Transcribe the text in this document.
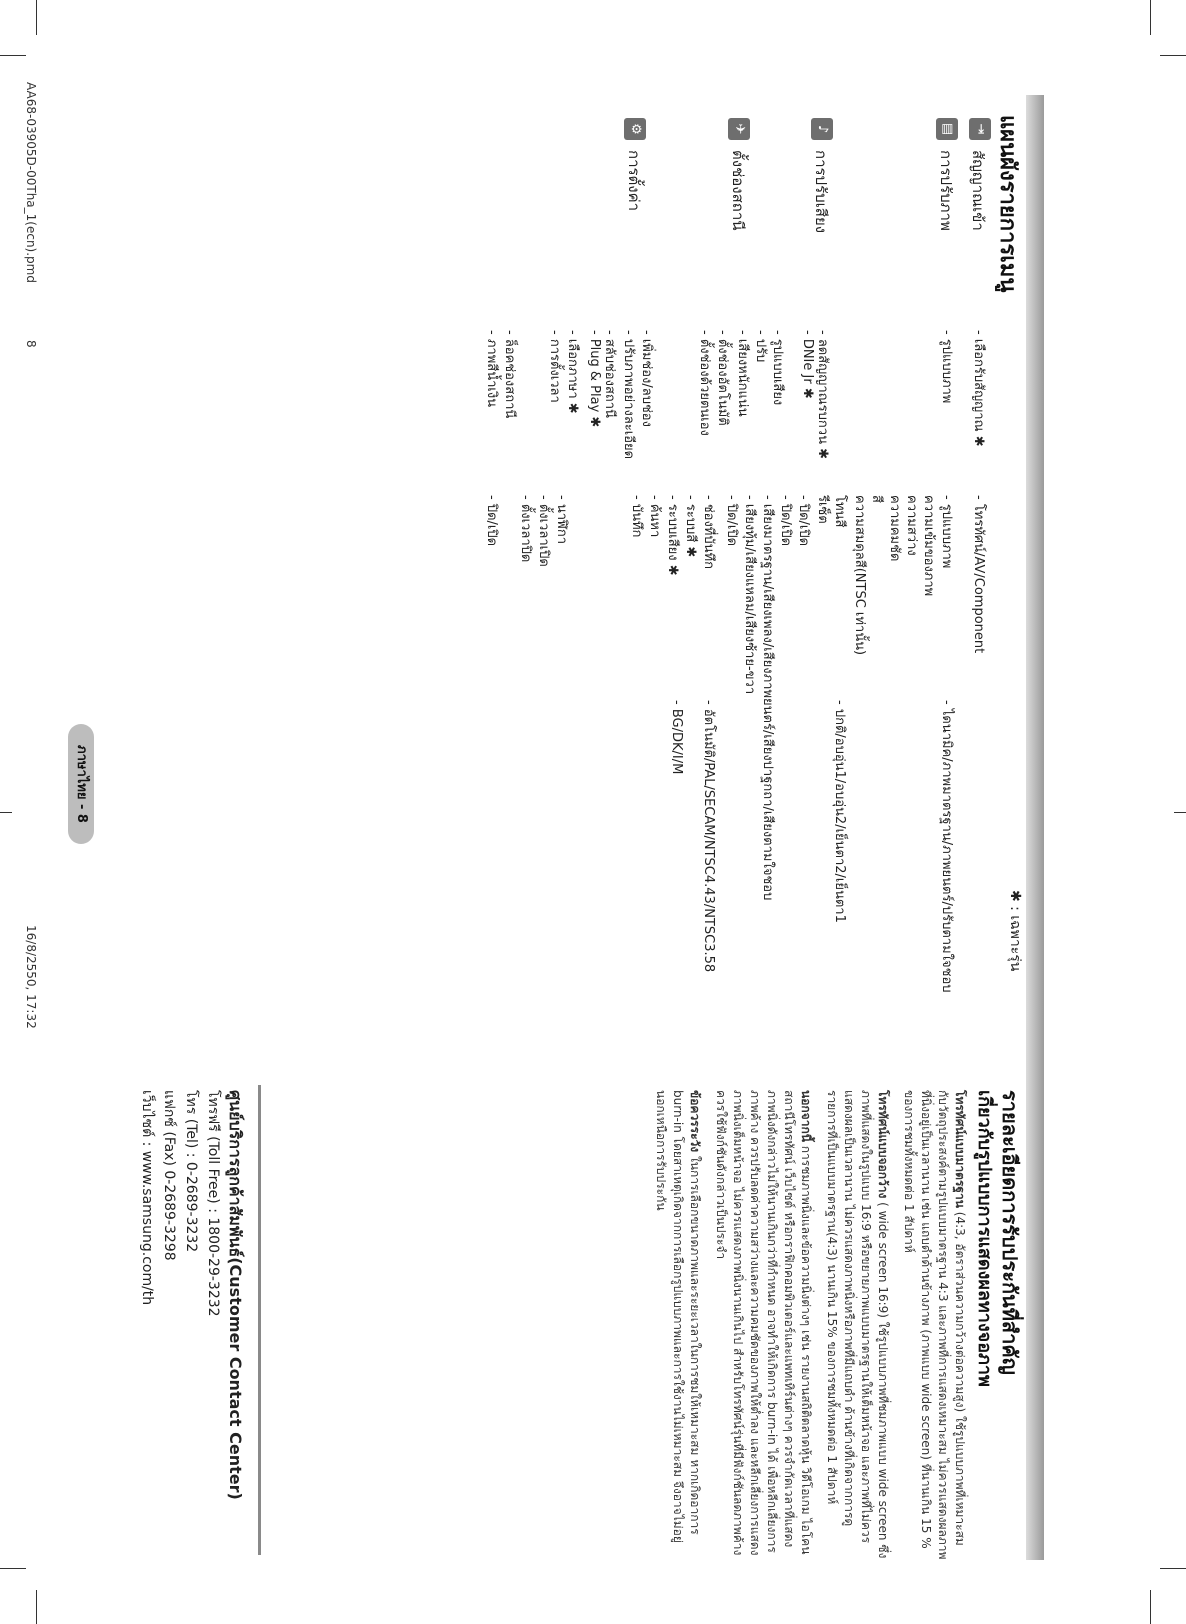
AA68-03905D-00Tha_1(ecn).pmd
8
16/8/2550, 17:32
ภาษาไทย - 8
แผนผังรายการเมนู
✱ : เฉพาะรุ่น
⇥
สัญญาณเข้า
▤
การปรับภาพ
♪
การปรับเสียง
✈
ตั้งช่องสถานี
⚙
การตั้งค่า
- เลือกรับสัญญาณ ✱
- รูปแบบภาพ
- ลดสัญญาณรบกวน ✱
- DNIe Jr ✱
- รูปแบบเสียง
- ปรับ
- เสียงหนักแน่น
- ตั้งช่องอัตโนมัติ
- ตั้งช่องด้วยตนเอง
- เพิ่มช่อง/ลบช่อง
- ปรับภาพอย่างละเอียด
- สลับช่องสถานี
- Plug & Play ✱
- เลือกภาษา ✱
- การตั้งเวลา
- ล็อคช่องสถานี
- ภาพสีน้ำเงิน
- โทรทัศน์/AV/Component
- รูปแบบภาพ
ความเข้มของภาพ
ความสว่าง
ความคมชัด
สี
ความสมดุลสี(NTSC เท่านั้น)
โทนสี
รีเซ็ต
- ปิด/เปิด
- ปิด/เปิด
- เสียงมาตรฐาน/เสียงเพลง/เสียงภาพยนตร์/เสียงปาฐกถา/เสียงตามใจชอบ
- เสียงทุ้ม/เสียงแหลม/เสียงซ้าย-ขวา
- ปิด/เปิด
- ช่องที่บันทึก
- ระบบสี ✱
- ระบบเสียง ✱
- ค้นหา
- บันทึก
- นาฬิกา
- ตั้งเวลาเปิด
- ตั้งเวลาปิด
- ปิด/เปิด
- ไดนามิค/ภาพมาตรฐาน/ภาพยนตร์/ปรับตามใจชอบ
- ปกติ/อบอุ่น1/อบอุ่น2/เย็นตา2/เย็นตา1
- อัตโนมัติ/PAL/SECAM/NTSC4.43/NTSC3.58
- BG/DK/I/M
รายละเอียดการรับประกันที่สำคัญ
เกี่ยวกับรูปแบบการแสดงผลทางจอภาพ

โทรทัศน์แบบมาตรฐาน (4:3, อัตราส่วนความกว้างต่อความสูง) ใช้รูปแบบภาพที่เหมาะสมกับวัตถุประสงค์ตามรูปแบบมาตรฐาน 4:3 และภาพที่การแสดงเหมาะสม ไม่ควรแสดงผลภาพที่นิ่งอยู่เป็นเวลานาน เช่น แถบดำด้านข้างภาพ (ภาพแบบ wide screen) ที่นานเกิน 15 % ของการชมทั้งหมดต่อ 1 สัปดาห์

โทรทัศน์แบบจอกว้าง ( wide screen 16:9) ใช้รูปแบบภาพที่ชมภาพแบบ wide screen ซึ่งภาพที่แสดงในรูปแบบ 16:9 หรือขยายภาพแบบมาตรฐานให้เต็มหน้าจอ และภาพที่ไม่ควรแสดงผลเป็นเวลานาน ไม่ควรแสดงภาพนิ่งหรือภาพที่มีแถบดำ ด้านข้างที่เกิดจากการดูรายการที่เป็นแบบมาตรฐาน(4:3) นานเกิน 15% ของการชมทั้งหมดต่อ 1 สัปดาห์

นอกจากนี้ การชมภาพนิ่งและข้อความนิ่งต่างๆ เช่น รายงานสถิติตลาดหุ้น วิดีโอเกม ไอโคน สถานีโทรทัศน์ เว็บไซต์ หรือกราฟิกคอมพิวเตอร์และแพทเทิร์นต่างๆ ควรจำกัดเวลาที่แสดงภาพนิ่งดังกล่าวไม่ให้นานเกินกว่าที่กำหนด อาจทำให้เกิดการ burn-in ได้ เพื่อหลีกเลี่ยงการภาพค้าง ควรปรับลดค่าความสว่างและความคมชัดของภาพให้ต่ำลง และหลีกเลี่ยงการแสดงภาพนิ่งเต็มหน้าจอ ไม่ควรแสดงภาพนิ่งนานเกินไป สำหรับโทรทัศน์รุ่นที่มีฟังก์ชันลดภาพค้าง ควรใช้ฟังก์ชันดังกล่าวเป็นประจำ

ข้อควรระวัง ในการเลือกขนาดภาพและระยะเวลาในการชมให้เหมาะสม หากเกิดอาการ burn-in โดยสาเหตุเกิดจากการเลือกรูปแบบภาพและการใช้งานไม่เหมาะสม จึงอาจไม่อยู่นอกเหนือการรับประกัน

ศูนย์บริการลูกค้าสัมพันธ์(Customer Contact Center)
โทรฟรี (Toll Free) : 1800-29-3232
โทร (Tel) : 0-2689-3232
แฟกซ์ (Fax) 0-2689-3298
เว็บไซต์ : www.samsung.com/th
